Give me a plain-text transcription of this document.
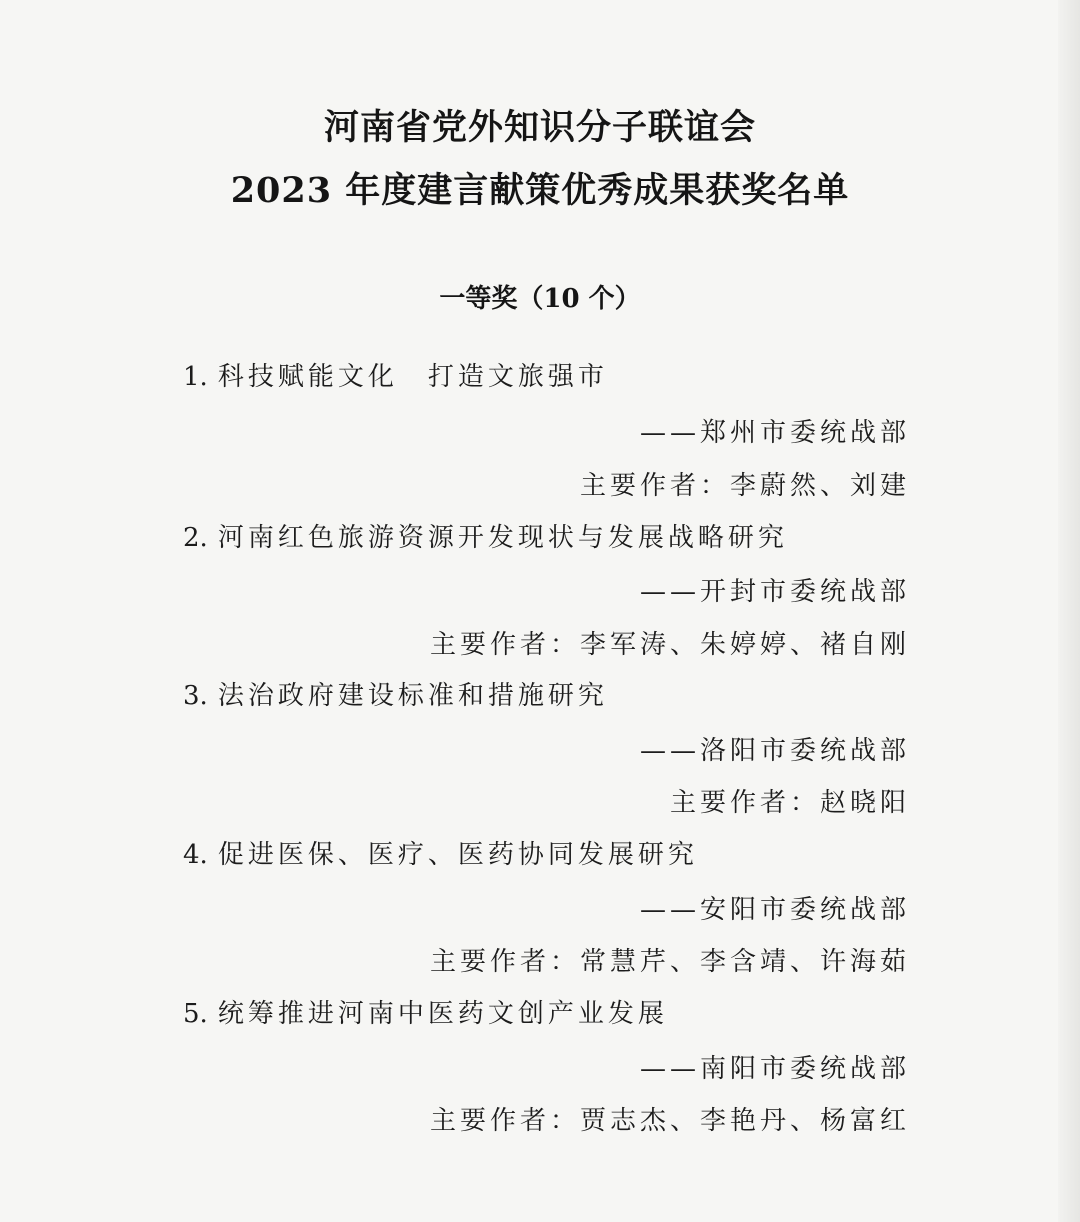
河南省党外知识分子联谊会
2023 年度建言献策优秀成果获奖名单
一等奖（10 个）
1. 科技赋能文化　打造文旅强市
——郑州市委统战部
主要作者：李蔚然、刘建
2. 河南红色旅游资源开发现状与发展战略研究
——开封市委统战部
主要作者：李军涛、朱婷婷、褚自刚
3. 法治政府建设标准和措施研究
——洛阳市委统战部
主要作者：赵晓阳
4. 促进医保、医疗、医药协同发展研究
——安阳市委统战部
主要作者：常慧芹、李含靖、许海茹
5. 统筹推进河南中医药文创产业发展
——南阳市委统战部
主要作者：贾志杰、李艳丹、杨富红
